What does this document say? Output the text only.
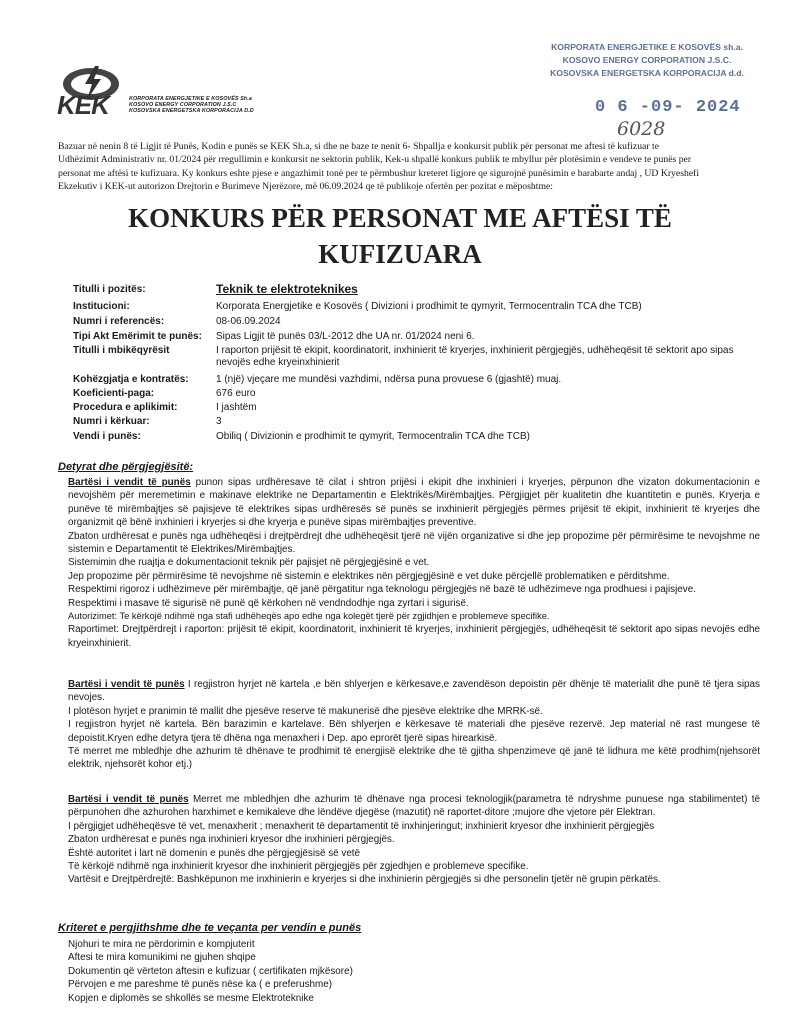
KEK	KORPORATA ENERGJETIKE E KOSOVËS Sh.a
KOSOVO ENERGY CORPORATION J.S.C
KOSOVSKA ENERGETSKA KORPORACIJA D.D
KORPORATA ENERGJETIKE E KOSOVËS sh.a.
KOSOVO ENERGY CORPORATION J.S.C.
KOSOVSKA ENERGETSKA KORPORACIJA d.d.
0 6 -09- 2024
6028
Bazuar në nenin 8 të Ligjit të Punës, Kodin e punës se KEK Sh.a, si dhe ne baze te nenit 6- Shpallja e konkursit publik për personat me aftesi të kufizuar te
Udhëzimit Administrativ nr. 01/2024 për rregullimin e konkursit ne sektorin publik, Kek-u shpallë konkurs publik te mbyllur për plotësimin e vendeve te punës per
personat me aftësi te kufizuara. Ky konkurs eshte pjese e angazhimit tonë per te përmbushur kreteret ligjore qe sigurojnë punësimin e barabarte andaj , UD Kryeshefi
Ekzekutiv i KEK-ut autorizon Drejtorin e Burimeve Njerëzore, më 06.09.2024 qe të publikoje ofertën per pozitat e mëposhtme:
KONKURS PËR PERSONAT ME AFTËSI TË
KUFIZUARA
Titulli i pozitës:	Teknik te elektroteknikes
Institucioni:	Korporata Energjetike e Kosovës ( Divizioni i prodhimit te qymyrit, Termocentralin TCA dhe TCB)
Numri i referencës:	08-06.09.2024
Tipi Akt Emërimit te punës: Sipas Ligjit të punës 03/L-2012 dhe UA nr. 01/2024 neni 6.
Titulli i mbikëqyrësit	I raporton prijësit të ekipit, koordinatorit, inxhinierit të kryerjes, inxhinierit përgjegjës, udhëheqësit të sektorit apo sipas nevojës edhe kryeinxhinierit
Kohëzgjatja e kontratës:	1 (një) vjeçare me mundësi vazhdimi, ndërsa puna provuese 6 (gjashtë) muaj.
Koeficienti-paga:	676 euro
Procedura e aplikimit:	I jashtëm
Numri i kërkuar:	3
Vendi i punës:	Obiliq ( Divizionin e prodhimit te qymyrit, Termocentralin TCA dhe TCB)
Detyrat dhe përgjegjësitë:
Bartësi i vendit të punës punon sipas urdhëresave të cilat i shtron prijësi i ekipit dhe inxhinieri i kryerjes, përpunon dhe vizaton dokumentacionin e nevojshëm për meremetimin e makinave elektrike ne Departamentin e Elektrikës/Mirëmbajtjes. Përgjigjet për kualitetin dhe kuantitetin e punës. Kryerja e punëve të mirëmbajtjes së pajisjeve të elektrikes sipas urdhëresës së punës se inxhinierit përgjegjës përmes prijësit të ekipit, inxhinierit të kryerjes dhe organizmit që bënë inxhinieri i kryerjes si dhe kryerja e punëve sipas mirëmbajtjes preventive.
Zbaton urdhëresat e punës nga udhëheqësi i drejtpërdrejt dhe udhëheqësit tjerë në vijën organizative si dhe jep propozime për përmirësime te nevojshme ne sistemin e Departamentit të Elektrikes/Mirëmbajtjes.
Sistemimin dhe ruajtja e dokumentacionit teknik për pajisjet në përgjegjësinë e vet.
Jep propozime për përmirësime të nevojshme në sistemin e elektrikes nën përgjegjësinë e vet duke përcjellë problematiken e përditshme.
Respektimi rigoroz i udhëzimeve për mirëmbajtje, që janë përgatitur nga teknologu përgjegjës në bazë të udhëzimeve nga prodhuesi i pajisjeve.
Respektimi i masave të sigurisë në punë që kërkohen në vendndodhje nga zyrtari i sigurisë.
Autorizimet: Te kërkojë ndihmë nga stafi udhëheqës apo edhe nga kolegët tjerë për zgjidhjen e problemeve specifike.
Raportimet: Drejtpërdrejt i raporton: prijësit të ekipit, koordinatorit, inxhinierit të kryerjes, inxhinierit përgjegjës, udhëheqësit të sektorit apo sipas nevojës edhe kryeinxhinierit.
Bartësi i vendit të punës I regjistron hyrjet në kartela ,e bën shlyerjen e kërkesave,e zavendëson depoistin për dhënje të materialit dhe punë të tjera sipas nevojes.
I plotëson hyrjet e pranimin të mallit dhe pjesëve reserve të makunerisë dhe pjesëve elektrike dhe MRRK-së.
I regjistron hyrjet në kartela. Bën barazimin e kartelave. Bën shlyerjen e kërkesave të materiali dhe pjesëve rezervë. Jep material në rast mungese të depoistit.Kryen edhe detyra tjera të dhëna nga menaxheri i Dep. apo eprorët tjerë sipas hirearkisë.
Të merret me mbledhje dhe azhurim të dhënave te prodhimit të energjisë elektrike dhe të gjitha shpenzimeve që janë të lidhura me këtë prodhim(njehsorët elektrik, njehsorët kohor etj.)
Bartësi i vendit të punës Merret me mbledhjen dhe azhurim të dhënave nga procesi teknologjik(parametra të ndryshme punuese nga stabilimentet) të përpunohen dhe azhurohen harxhimet e kemikaleve dhe lëndëve djegëse (mazutit) në raportet-ditore ;mujore dhe vjetore për Elektran.
I përgjigjet udhëheqësve të vet, menaxherit ; menaxherit të departamentit të inxhinjeringut; inxhinierit kryesor dhe inxhinierit përgjegjës
Zbaton urdhëresat e punës nga inxhinieri kryesor dhe inxhinieri përgjegjës.
Është autoritet i lart në domenin e punës dhe përgjegjësisë së vetë
Të kërkojë ndihmë nga inxhinierit kryesor dhe inxhinierit përgjegjës për zgjedhjen e problemeve specifike.
Vartësit e Drejtpërdrejtë: Bashkëpunon me inxhinierin e kryerjes si dhe inxhinierin përgjegjës si dhe personelin tjetër në grupin përkatës.
Kriteret e pergjithshme dhe te veçanta per vendin e punës
Njohuri te mira ne përdorimin e kompjuterit
Aftesi te mira komunikimi ne gjuhen shqipe
Dokumentin që vërteton aftesin e kufizuar ( certifikaten mjkësore)
Përvojen e me pareshme të punës nëse ka ( e preferushme)
Kopjen e diplomës se shkollës se mesme Elektroteknike
